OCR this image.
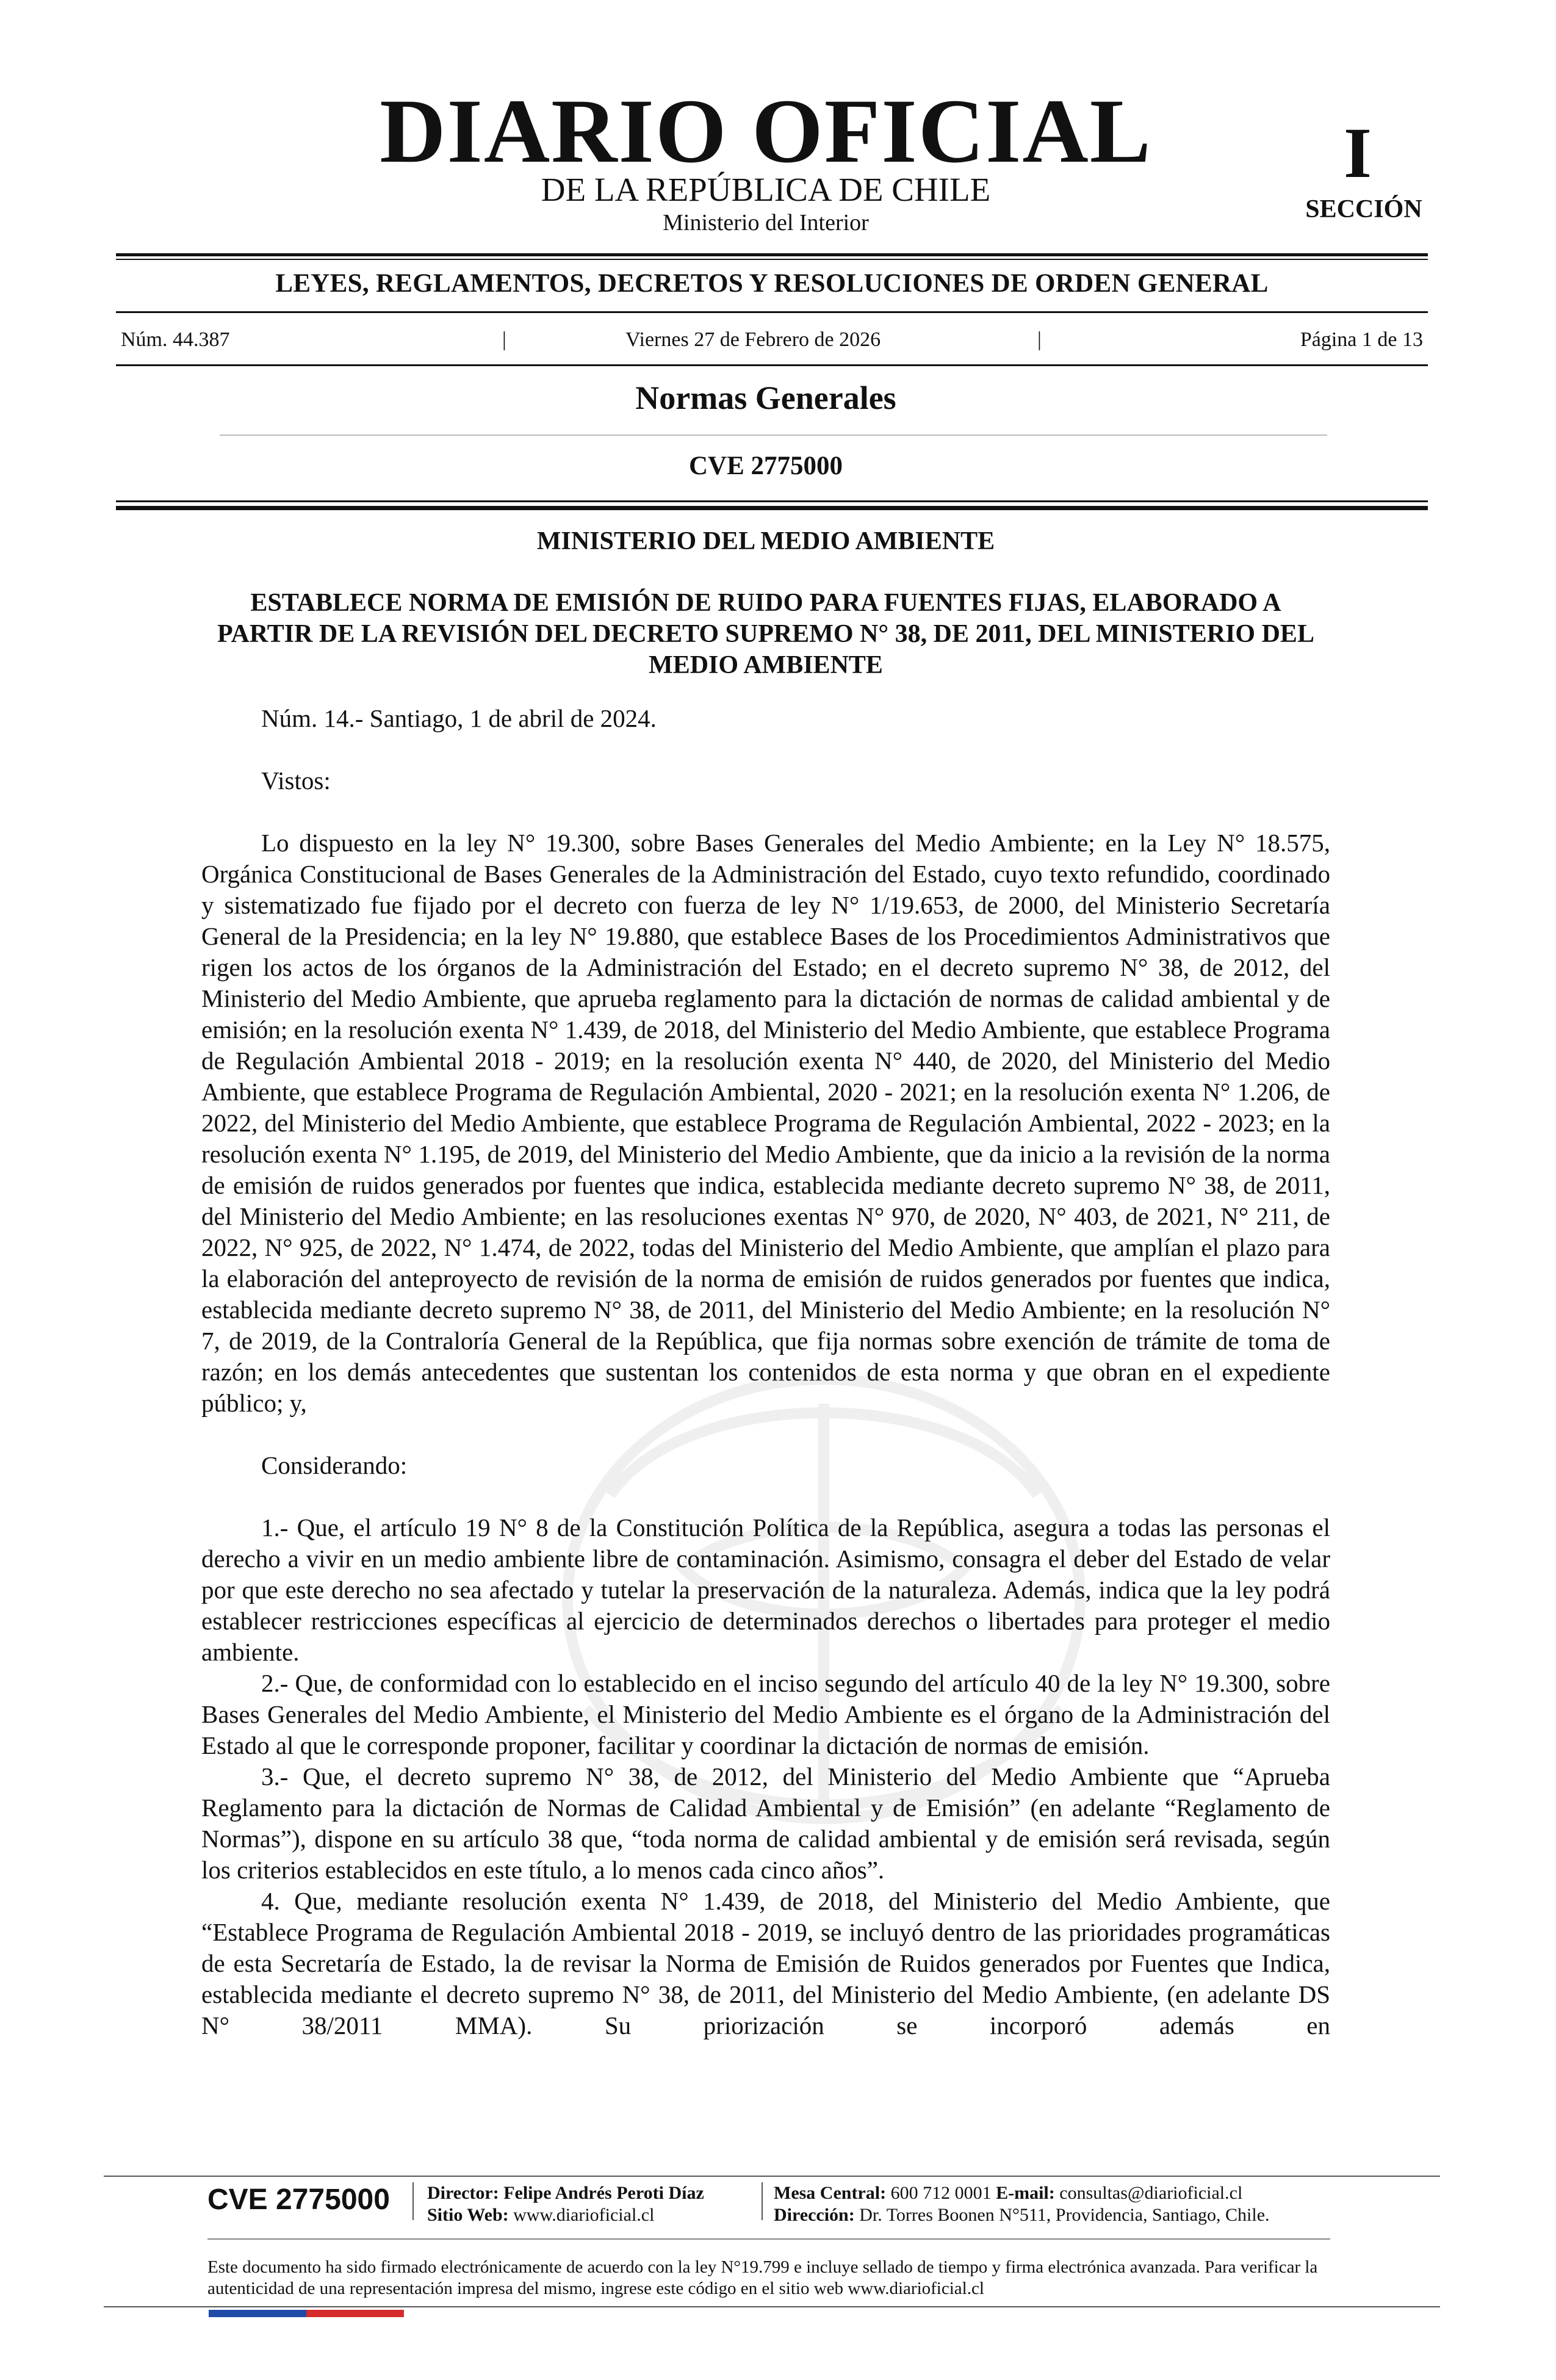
DIARIO OFICIAL
DE LA REPÚBLICA DE CHILE
Ministerio del Interior
I
SECCIÓN
LEYES, REGLAMENTOS, DECRETOS Y RESOLUCIONES DE ORDEN GENERAL
Núm. 44.387	|	Viernes 27 de Febrero de 2026	|	Página 1 de 13
Normas Generales
CVE 2775000
MINISTERIO DEL MEDIO AMBIENTE
ESTABLECE NORMA DE EMISIÓN DE RUIDO PARA FUENTES FIJAS, ELABORADO A PARTIR DE LA REVISIÓN DEL DECRETO SUPREMO N° 38, DE 2011, DEL MINISTERIO DEL MEDIO AMBIENTE

Núm. 14.- Santiago, 1 de abril de 2024.

Vistos:

Lo dispuesto en la ley N° 19.300, sobre Bases Generales del Medio Ambiente; en la Ley N° 18.575, Orgánica Constitucional de Bases Generales de la Administración del Estado, cuyo texto refundido, coordinado y sistematizado fue fijado por el decreto con fuerza de ley N° 1/19.653, de 2000, del Ministerio Secretaría General de la Presidencia; en la ley N° 19.880, que establece Bases de los Procedimientos Administrativos que rigen los actos de los órganos de la Administración del Estado; en el decreto supremo N° 38, de 2012, del Ministerio del Medio Ambiente, que aprueba reglamento para la dictación de normas de calidad ambiental y de emisión; en la resolución exenta N° 1.439, de 2018, del Ministerio del Medio Ambiente, que establece Programa de Regulación Ambiental 2018 - 2019; en la resolución exenta N° 440, de 2020, del Ministerio del Medio Ambiente, que establece Programa de Regulación Ambiental, 2020 - 2021; en la resolución exenta N° 1.206, de 2022, del Ministerio del Medio Ambiente, que establece Programa de Regulación Ambiental, 2022 - 2023; en la resolución exenta N° 1.195, de 2019, del Ministerio del Medio Ambiente, que da inicio a la revisión de la norma de emisión de ruidos generados por fuentes que indica, establecida mediante decreto supremo N° 38, de 2011, del Ministerio del Medio Ambiente; en las resoluciones exentas N° 970, de 2020, N° 403, de 2021, N° 211, de 2022, N° 925, de 2022, N° 1.474, de 2022, todas del Ministerio del Medio Ambiente, que amplían el plazo para la elaboración del anteproyecto de revisión de la norma de emisión de ruidos generados por fuentes que indica, establecida mediante decreto supremo N° 38, de 2011, del Ministerio del Medio Ambiente; en la resolución N° 7, de 2019, de la Contraloría General de la República, que fija normas sobre exención de trámite de toma de razón; en los demás antecedentes que sustentan los contenidos de esta norma y que obran en el expediente público; y,

Considerando:

1.- Que, el artículo 19 N° 8 de la Constitución Política de la República, asegura a todas las personas el derecho a vivir en un medio ambiente libre de contaminación. Asimismo, consagra el deber del Estado de velar por que este derecho no sea afectado y tutelar la preservación de la naturaleza. Además, indica que la ley podrá establecer restricciones específicas al ejercicio de determinados derechos o libertades para proteger el medio ambiente.

2.- Que, de conformidad con lo establecido en el inciso segundo del artículo 40 de la ley N° 19.300, sobre Bases Generales del Medio Ambiente, el Ministerio del Medio Ambiente es el órgano de la Administración del Estado al que le corresponde proponer, facilitar y coordinar la dictación de normas de emisión.

3.- Que, el decreto supremo N° 38, de 2012, del Ministerio del Medio Ambiente que “Aprueba Reglamento para la dictación de Normas de Calidad Ambiental y de Emisión” (en adelante “Reglamento de Normas”), dispone en su artículo 38 que, “toda norma de calidad ambiental y de emisión será revisada, según los criterios establecidos en este título, a lo menos cada cinco años”.

4. Que, mediante resolución exenta N° 1.439, de 2018, del Ministerio del Medio Ambiente, que “Establece Programa de Regulación Ambiental 2018 - 2019, se incluyó dentro de las prioridades programáticas de esta Secretaría de Estado, la de revisar la Norma de Emisión de Ruidos generados por Fuentes que Indica, establecida mediante el decreto supremo N° 38, de 2011, del Ministerio del Medio Ambiente, (en adelante DS N° 38/2011 MMA). Su priorización se incorporó además en

CVE 2775000 Director: Felipe Andrés Peroti Díaz
Sitio Web: www.diarioficial.cl
Mesa Central: 600 712 0001 E-mail: consultas@diarioficial.cl
Dirección: Dr. Torres Boonen N°511, Providencia, Santiago, Chile.
Este documento ha sido firmado electrónicamente de acuerdo con la ley N°19.799 e incluye sellado de tiempo y firma electrónica avanzada. Para verificar la autenticidad de una representación impresa del mismo, ingrese este código en el sitio web www.diarioficial.cl
